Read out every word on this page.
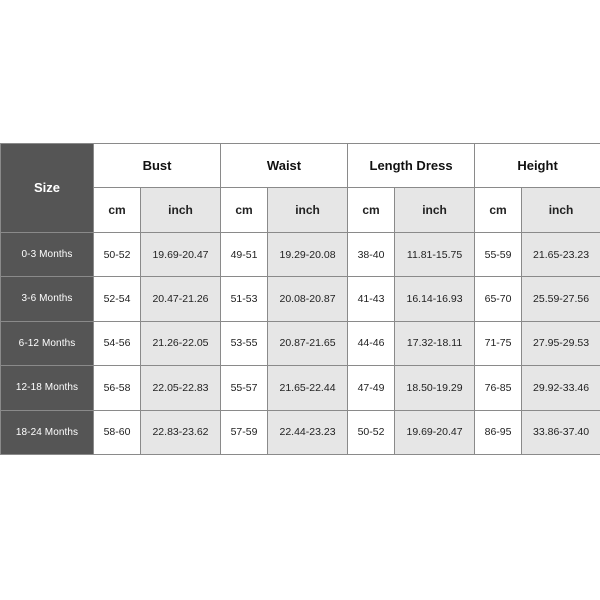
Size	Bust		Waist		Length Dress		Height	
	cm	inch	cm	inch	cm	inch	cm	inch
0-3 Months	50-52	19.69-20.47	49-51	19.29-20.08	38-40	11.81-15.75	55-59	21.65-23.23
3-6 Months	52-54	20.47-21.26	51-53	20.08-20.87	41-43	16.14-16.93	65-70	25.59-27.56
6-12 Months	54-56	21.26-22.05	53-55	20.87-21.65	44-46	17.32-18.11	71-75	27.95-29.53
12-18 Months	56-58	22.05-22.83	55-57	21.65-22.44	47-49	18.50-19.29	76-85	29.92-33.46
18-24 Months	58-60	22.83-23.62	57-59	22.44-23.23	50-52	19.69-20.47	86-95	33.86-37.40
